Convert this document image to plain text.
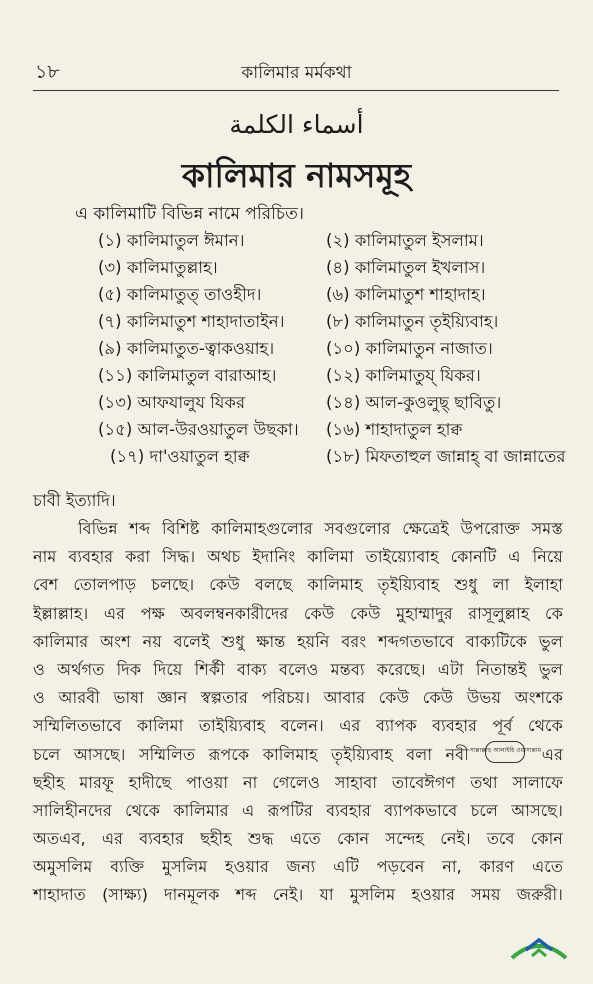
১৮	কালিমার মর্মকথা
أسماء الكلمة
কালিমার নামসমূহ
এ কালিমাটি বিভিন্ন নামে পরিচিত।
(১) কালিমাতুল ঈমান।	(২) কালিমাতুল ইসলাম।
(৩) কালিমাতুল্লাহ।	(৪) কালিমাতুল ইখলাস।
(৫) কালিমাতুত্ তাওহীদ।	(৬) কালিমাতুশ শাহাদাহ।
(৭) কালিমাতুশ শাহাদাতাইন।	(৮) কালিমাতুন তৃইয়্যিবাহ।
(৯) কালিমাতুত-ত্বাকওয়াহ।	(১০) কালিমাতুন নাজাত।
(১১) কালিমাতুল বারাআহ।	(১২) কালিমাতুয্ যিকর।
(১৩) আফযালুয যিকর	(১৪) আল-কুওলুছ্ ছাবিতু।
(১৫) আল-উরওয়াতুল উছকা।	(১৬) শাহাদাতুল হাক্ব
(১৭) দা'ওয়াতুল হাক্ব	(১৮) মিফতাহুল জান্নাহ্ বা জান্নাতের
চাবী ইত্যাদি।
বিভিন্ন শব্দ বিশিষ্ট কালিমাহগুলোর সবগুলোর ক্ষেত্রেই উপরোক্ত সমস্ত
নাম ব্যবহার করা সিদ্ধ। অথচ ইদানিং কালিমা তাইয়্যোবাহ কোনটি এ নিয়ে
বেশ তোলপাড় চলছে। কেউ বলছে কালিমাহ তৃইয়্যিবাহ শুধু লা ইলাহা
ইল্লাল্লাহ। এর পক্ষ অবলম্বনকারীদের কেউ কেউ মুহাম্মাদুর রাসূলুল্লাহ কে
কালিমার অংশ নয় বলেই শুধু ক্ষান্ত হয়নি বরং শব্দগতভাবে বাক্যটিকে ভুল
ও অর্থগত দিক দিয়ে শির্কী বাক্য বলেও মন্তব্য করেছে। এটা নিতান্তই ভুল
ও আরবী ভাষা জ্ঞান স্বল্পতার পরিচয়। আবার কেউ কেউ উভয় অংশকে
সম্মিলিতভাবে কালিমা তাইয়্যিবাহ বলেন। এর ব্যাপক ব্যবহার পূর্ব থেকে
চলে আসছে। সম্মিলিত রূপকে কালিমাহ তৃইয়্যিবাহ বলা নবী সাল্লাল্লাহু আলাইহি ওয়াসাল্লাম এর
ছহীহ মারফূ হাদীছে পাওয়া না গেলেও সাহাবা তাবেঈগণ তথা সালাফে
সালিহীনদের থেকে কালিমার এ রূপটির ব্যবহার ব্যাপকভাবে চলে আসছে।
অতএব, এর ব্যবহার ছহীহ শুদ্ধ এতে কোন সন্দেহ নেই। তবে কোন
অমুসলিম ব্যক্তি মুসলিম হওয়ার জন্য এটি পড়বেন না, কারণ এতে
শাহাদাত (সাক্ষ্য) দানমূলক শব্দ নেই। যা মুসলিম হওয়ার সময় জরুরী।
